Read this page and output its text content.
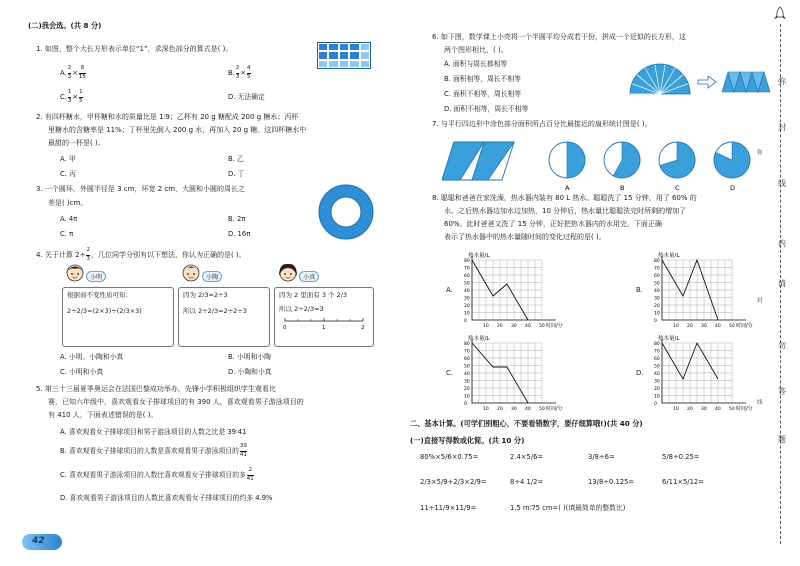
(二)我会选。(共 8 分)
1. 如图，整个大长方形表示单位“1”，求深色部分的算式是( )。
A. $\frac{2}{3} \times \frac{8}{15}$	B. $\frac{2}{3} \times \frac{4}{5}$
C. $\frac{1}{3} \times \frac{1}{5}$	D. 无法确定
2. 有四杯糖水，甲杯糖和水的质量比是 1∶9；乙杯有 20 g 糖配成 200 g 糖水；丙杯
里糖水的含糖率是 11%；丁杯里先倒入 200 g 水，再加入 20 g 糖。这四杯糖水中
最甜的一杯是( )。
A. 甲	B. 乙
C. 丙	D. 丁
3. 一个圆环，外圆半径是 3 cm，环宽 2 cm，大圆和小圆的周长之
差是( )cm。
A. 4π	B. 2π
C. π	D. 16π
4. 关于计算 $2\div \frac{2}{3}$ ，几位同学分别有以下想法，你认为正确的是( )。
小明	小陶	小真
根据商不变性质可知：
2÷2/3=(2×3)÷(2/3×3)
因为 2/3=2÷3
所以 2÷2/3=2÷2÷3
因为 2 里面有 3 个 2/3
所以 2÷2/3=3
0	1	2
A. 小明、小陶和小真	B. 小明和小陶
C. 小明和小真	D. 小陶和小真
5. 第三十三届夏季奥运会在法国巴黎成功举办，先锋小学积极组织学生观看比
赛，已知六年级中，喜欢观看女子排球项目的有 390 人，喜欢观看男子游泳项目的
有 410 人，下面表述错误的是( )。
A. 喜欢观看女子排球项目和男子游泳项目的人数之比是 39∶41
B. 喜欢观看女子排球项目的人数是喜欢观看男子游泳项目的 $\frac{39}{41}$
C. 喜欢观看男子游泳项目的人数比喜欢观看女子排球项目的多 $\frac{2}{41}$
D. 喜欢观看男子游泳项目的人数比喜欢观看女子排球项目的约多 4.9%
42
6. 如下图，数学课上小亮将一个半圆平均分成若干份，拼成一个近似的长方形，这
两个图形相比，( )。
A. 面积与周长都相等
B. 面积相等，周长不相等
C. 面积不相等，周长相等
D. 面积不相等，周长不相等
7. 与平行四边形中涂色部分面积所占百分比最接近的扇形统计图是( )。
A	B	C	D
8. 聪聪和爸爸在家洗澡，热水器内装有 80 L 热水。聪聪洗了 15 分钟，用了 60% 的
水。之后热水器边加水边加热，10 分钟后，热水量比聪聪洗完时所剩的增加了
60%。此时爸爸又洗了 15 分钟，正好把热水器内的水用完。下面正确
表示了热水器中的热水量随时间的变化过程的是( )。
A.
热水量/L
80
70
60
50
40
30
20
10
0
10 20 30 40 50 时间/分
B.
热水量/L
80
70
60
50
40
30
20
10
0
10 20 30 40 50 时间/分
C.
热水量/L
80
70
60
50
40
30
20
10
0
10 20 30 40 50 时间/分
D.
热水量/L
80
70
60
50
40
30
20
10
0
10 20 30 40 50 时间/分
二、基本计算。(可学们别粗心，不要看错数字，要仔细算哦!)(共 40 分)
(一)直接写得数或化简。(共 10 分)
80%×5/6×0.75=	2.4×5/6=	3/8÷6=	5/8÷0.25=
2/3×5/9+2/3×2/9=	8÷4 1/2=	13/8÷0.125=	6/11×5/12=
11÷11/9×11/9=	1.5 m∶75 cm=( )(填最简单的整数比)
弥
封
线
内
请
勿
答
题
弥
封
线
